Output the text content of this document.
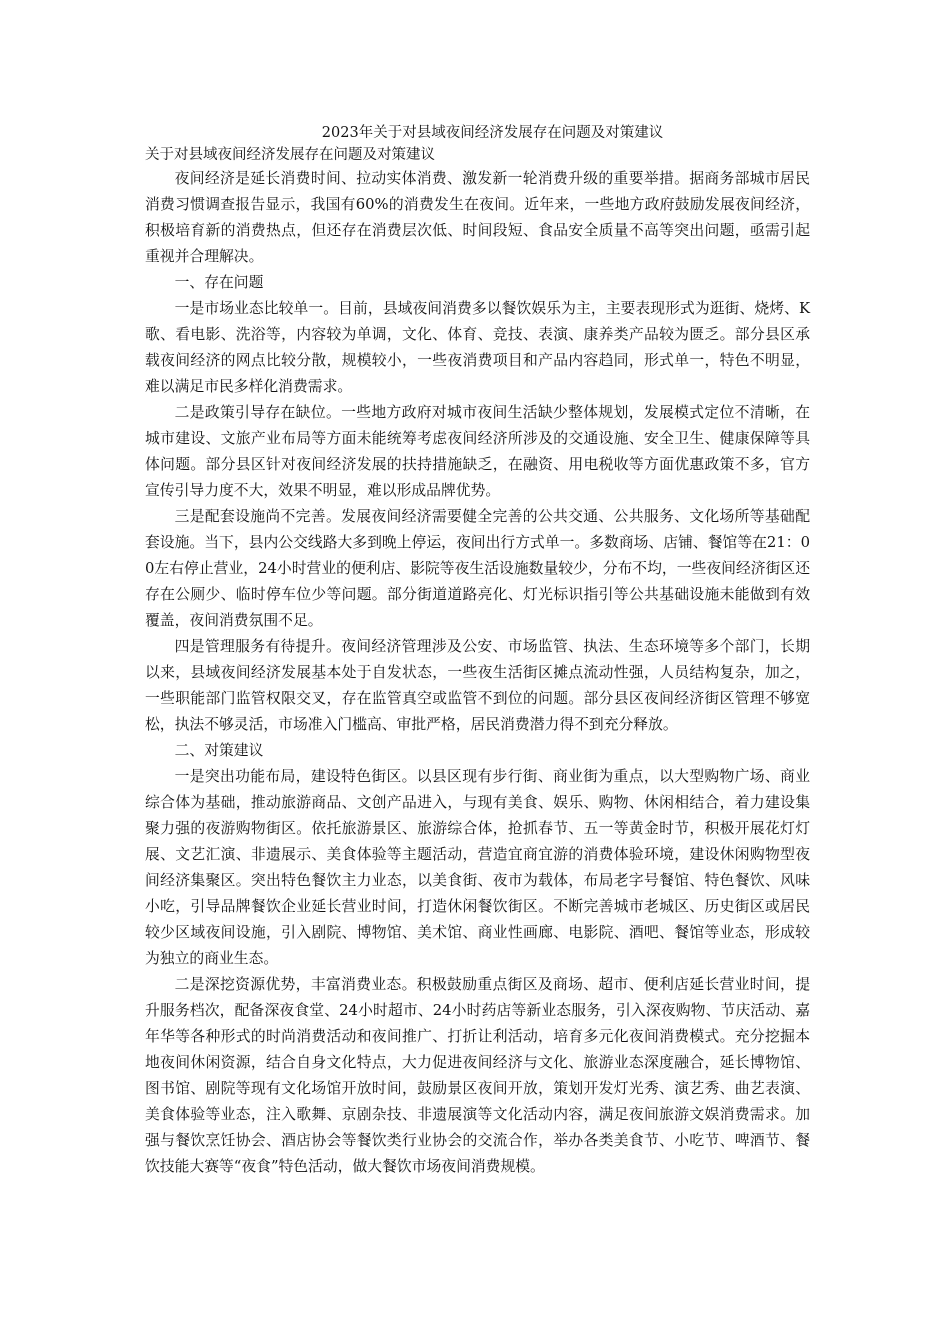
2023年关于对县域夜间经济发展存在问题及对策建议

关于对县域夜间经济发展存在问题及对策建议

夜间经济是延长消费时间、拉动实体消费、激发新一轮消费升级的重要举措。据商务部城市居民消费习惯调查报告显示，我国有60%的消费发生在夜间。近年来，一些地方政府鼓励发展夜间经济，积极培育新的消费热点，但还存在消费层次低、时间段短、食品安全质量不高等突出问题，亟需引起重视并合理解决。

一、存在问题

一是市场业态比较单一。目前，县域夜间消费多以餐饮娱乐为主，主要表现形式为逛街、烧烤、K歌、看电影、洗浴等，内容较为单调，文化、体育、竞技、表演、康养类产品较为匮乏。部分县区承载夜间经济的网点比较分散，规模较小，一些夜消费项目和产品内容趋同，形式单一，特色不明显，难以满足市民多样化消费需求。

二是政策引导存在缺位。一些地方政府对城市夜间生活缺少整体规划，发展模式定位不清晰，在城市建设、文旅产业布局等方面未能统筹考虑夜间经济所涉及的交通设施、安全卫生、健康保障等具体问题。部分县区针对夜间经济发展的扶持措施缺乏，在融资、用电税收等方面优惠政策不多，官方宣传引导力度不大，效果不明显，难以形成品牌优势。

三是配套设施尚不完善。发展夜间经济需要健全完善的公共交通、公共服务、文化场所等基础配套设施。当下，县内公交线路大多到晚上停运，夜间出行方式单一。多数商场、店铺、餐馆等在21：00左右停止营业，24小时营业的便利店、影院等夜生活设施数量较少，分布不均，一些夜间经济街区还存在公厕少、临时停车位少等问题。部分街道道路亮化、灯光标识指引等公共基础设施未能做到有效覆盖，夜间消费氛围不足。

四是管理服务有待提升。夜间经济管理涉及公安、市场监管、执法、生态环境等多个部门，长期以来，县域夜间经济发展基本处于自发状态，一些夜生活街区摊点流动性强，人员结构复杂，加之，一些职能部门监管权限交叉，存在监管真空或监管不到位的问题。部分县区夜间经济街区管理不够宽松，执法不够灵活，市场准入门槛高、审批严格，居民消费潜力得不到充分释放。

二、对策建议

一是突出功能布局，建设特色街区。以县区现有步行街、商业街为重点，以大型购物广场、商业综合体为基础，推动旅游商品、文创产品进入，与现有美食、娱乐、购物、休闲相结合，着力建设集聚力强的夜游购物街区。依托旅游景区、旅游综合体，抢抓春节、五一等黄金时节，积极开展花灯灯展、文艺汇演、非遗展示、美食体验等主题活动，营造宜商宜游的消费体验环境，建设休闲购物型夜间经济集聚区。突出特色餐饮主力业态，以美食街、夜市为载体，布局老字号餐馆、特色餐饮、风味小吃，引导品牌餐饮企业延长营业时间，打造休闲餐饮街区。不断完善城市老城区、历史街区或居民较少区域夜间设施，引入剧院、博物馆、美术馆、商业性画廊、电影院、酒吧、餐馆等业态，形成较为独立的商业生态。

二是深挖资源优势，丰富消费业态。积极鼓励重点街区及商场、超市、便利店延长营业时间，提升服务档次，配备深夜食堂、24小时超市、24小时药店等新业态服务，引入深夜购物、节庆活动、嘉年华等各种形式的时尚消费活动和夜间推广、打折让利活动，培育多元化夜间消费模式。充分挖掘本地夜间休闲资源，结合自身文化特点，大力促进夜间经济与文化、旅游业态深度融合，延长博物馆、图书馆、剧院等现有文化场馆开放时间，鼓励景区夜间开放，策划开发灯光秀、演艺秀、曲艺表演、美食体验等业态，注入歌舞、京剧杂技、非遗展演等文化活动内容，满足夜间旅游文娱消费需求。加强与餐饮烹饪协会、酒店协会等餐饮类行业协会的交流合作，举办各类美食节、小吃节、啤酒节、餐饮技能大赛等“夜食”特色活动，做大餐饮市场夜间消费规模。
